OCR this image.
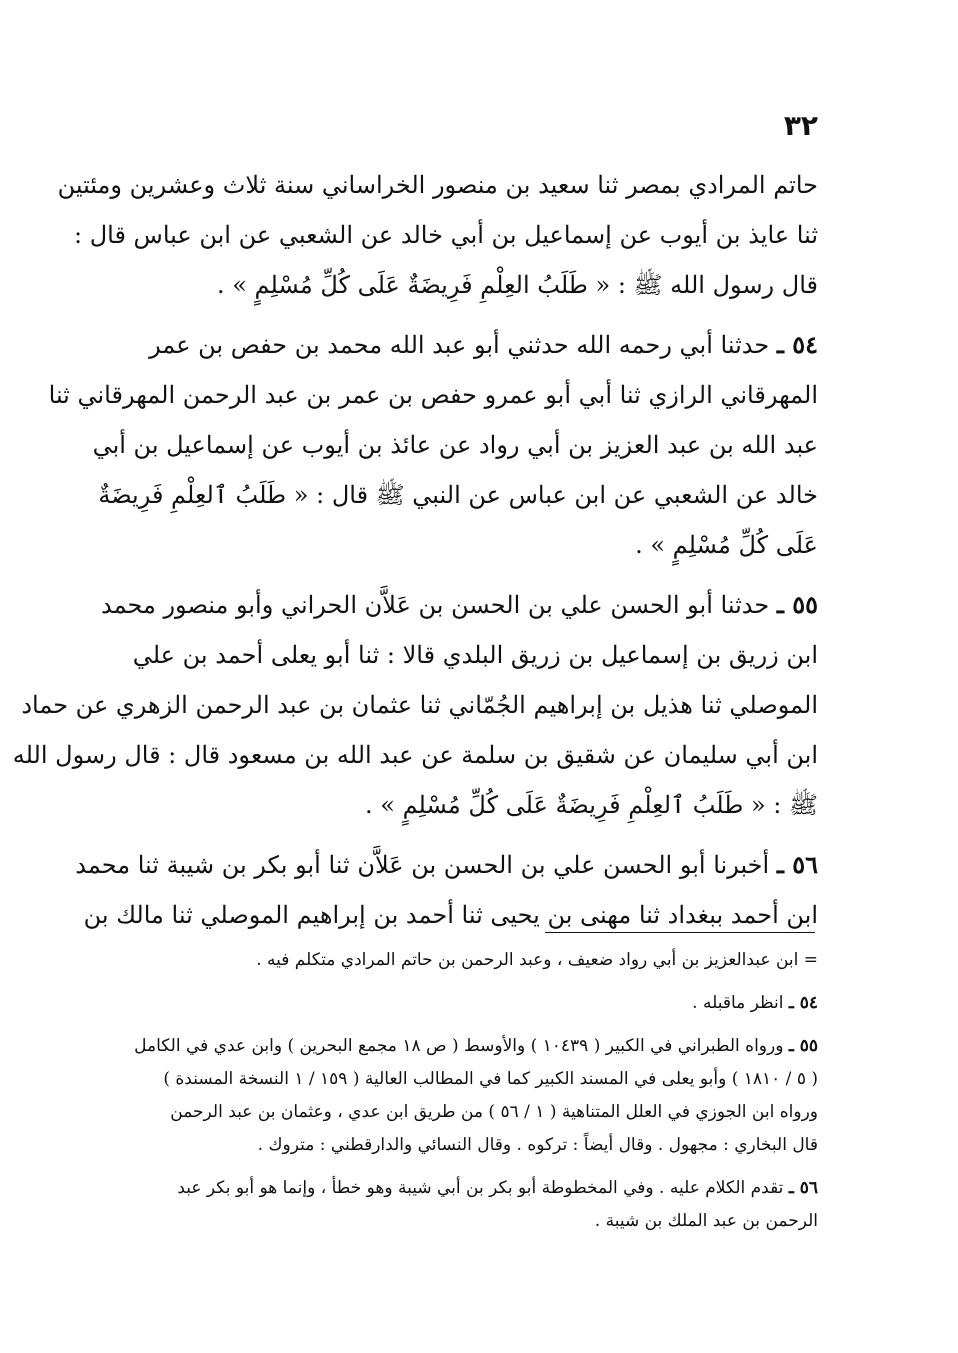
٣٢
حاتم المرادي بمصر ثنا سعيد بن منصور الخراساني سنة ثلاث وعشرين ومئتين
ثنا عايذ بن أيوب عن إسماعيل بن أبي خالد عن الشعبي عن ابن عباس قال :
قال رسول الله ﷺ : « طَلَبُ العِلْمِ فَرِيضَةٌ عَلَى كُلِّ مُسْلِمٍ » .
٥٤ ـ حدثنا أبي رحمه الله حدثني أبو عبد الله محمد بن حفص بن عمر
المهرقاني الرازي ثنا أبي أبو عمرو حفص بن عمر بن عبد الرحمن المهرقاني ثنا
عبد الله بن عبد العزيز بن أبي رواد عن عائذ بن أيوب عن إسماعيل بن أبي
خالد عن الشعبي عن ابن عباس عن النبي ﷺ قال : « طَلَبُ ٱلعِلْمِ فَرِيضَةٌ
عَلَى كُلِّ مُسْلِمٍ » .
٥٥ ـ حدثنا أبو الحسن علي بن الحسن بن عَلاَّن الحراني وأبو منصور محمد
ابن زريق بن إسماعيل بن زريق البلدي قالا : ثنا أبو يعلى أحمد بن علي
الموصلي ثنا هذيل بن إبراهيم الجُمّاني ثنا عثمان بن عبد الرحمن الزهري عن حماد
ابن أبي سليمان عن شقيق بن سلمة عن عبد الله بن مسعود قال : قال رسول الله
ﷺ : « طَلَبُ ٱلعِلْمِ فَرِيضَةٌ عَلَى كُلِّ مُسْلِمٍ » .
٥٦ ـ أخبرنا أبو الحسن علي بن الحسن بن عَلاَّن ثنا أبو بكر بن شيبة ثنا محمد
ابن أحمد ببغداد ثنا مهنى بن يحيى ثنا أحمد بن إبراهيم الموصلي ثنا مالك بن
= ابن عبدالعزيز بن أبي رواد ضعيف ، وعبد الرحمن بن حاتم المرادي متكلم فيه .
٥٤ ـ انظر ماقبله .
٥٥ ـ ورواه الطبراني في الكبير ( ١٠٤٣٩ ) والأوسط ( ص ١٨ مجمع البحرين ) وابن عدي في الكامل
( ٥ / ١٨١٠ ) وأبو يعلى في المسند الكبير كما في المطالب العالية ( ١٥٩ / ١ النسخة المسندة )
ورواه ابن الجوزي في العلل المتناهية ( ١ / ٥٦ ) من طريق ابن عدي ، وعثمان بن عبد الرحمن
قال البخاري : مجهول . وقال أيضاً : تركوه . وقال النسائي والدارقطني : متروك .
٥٦ ـ تقدم الكلام عليه . وفي المخطوطة أبو بكر بن أبي شيبة وهو خطأ ، وإنما هو أبو بكر عبد
الرحمن بن عبد الملك بن شيبة .
